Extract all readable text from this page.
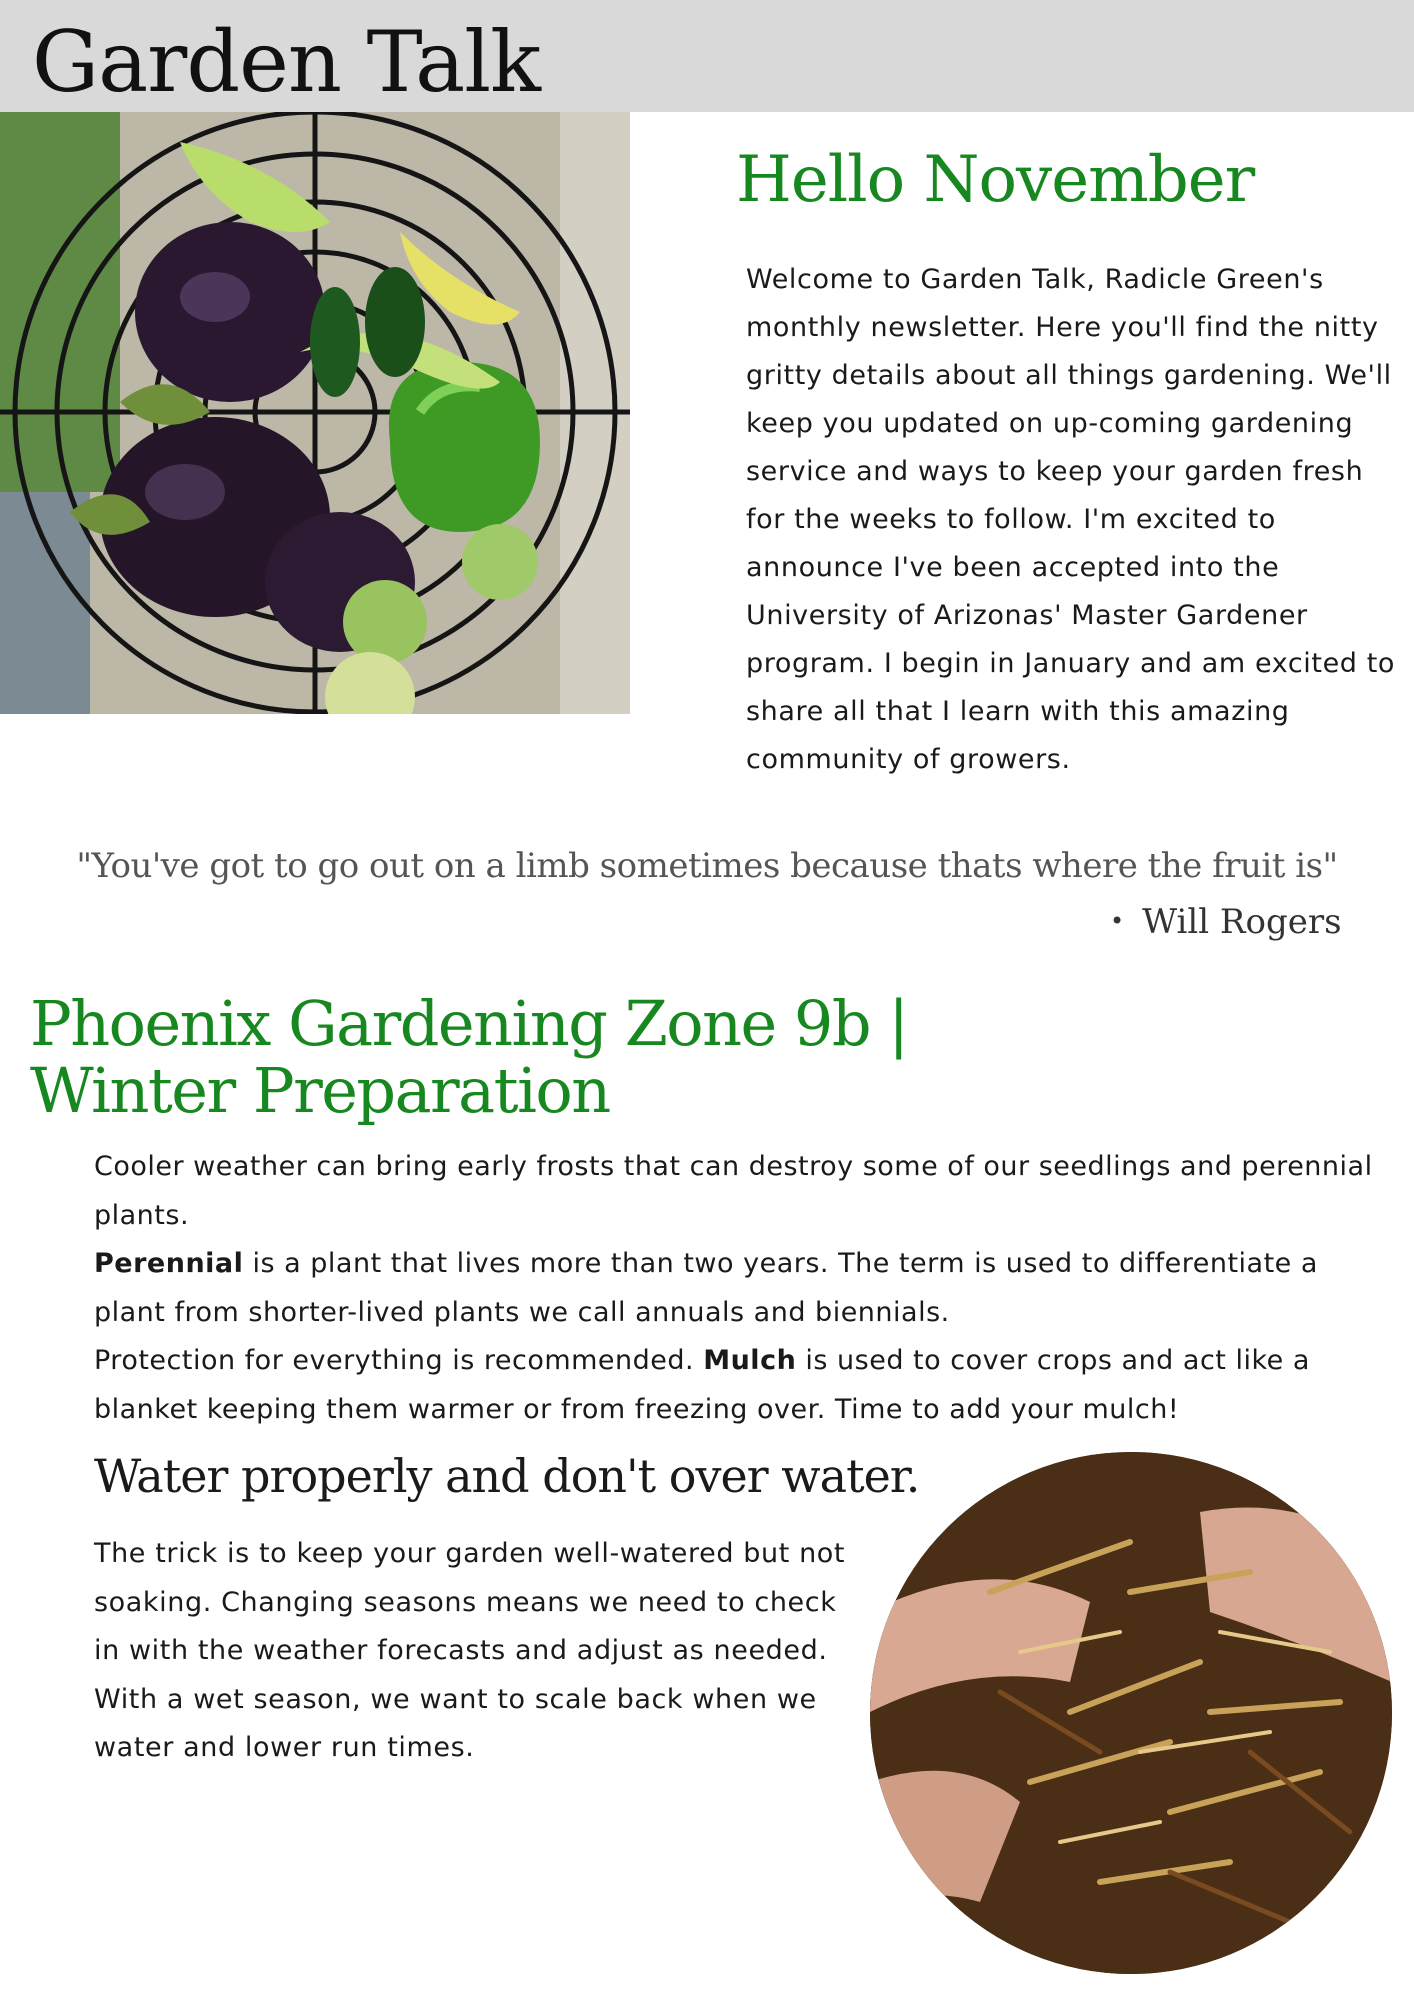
Garden Talk
Hello November

Welcome to Garden Talk, Radicle Green's monthly newsletter. Here you'll find the nitty gritty details about all things gardening. We'll keep you updated on up-coming gardening service and ways to keep your garden fresh for the weeks to follow. I'm excited to announce I've been accepted into the University of Arizonas' Master Gardener program. I begin in January and am excited to share all that I learn with this amazing community of growers.

"You've got to go out on a limb sometimes because thats where the fruit is"

• Will Rogers

Phoenix Gardening Zone 9b |
Winter Preparation

Cooler weather can bring early frosts that can destroy some of our seedlings and perennial plants.

Perennial is a plant that lives more than two years. The term is used to differentiate a plant from shorter-lived plants we call annuals and biennials.

Protection for everything is recommended. Mulch is used to cover crops and act like a blanket keeping them warmer or from freezing over. Time to add your mulch!

Water properly and don't over water.

The trick is to keep your garden well-watered but not soaking. Changing seasons means we need to check in with the weather forecasts and adjust as needed. With a wet season, we want to scale back when we water and lower run times.
